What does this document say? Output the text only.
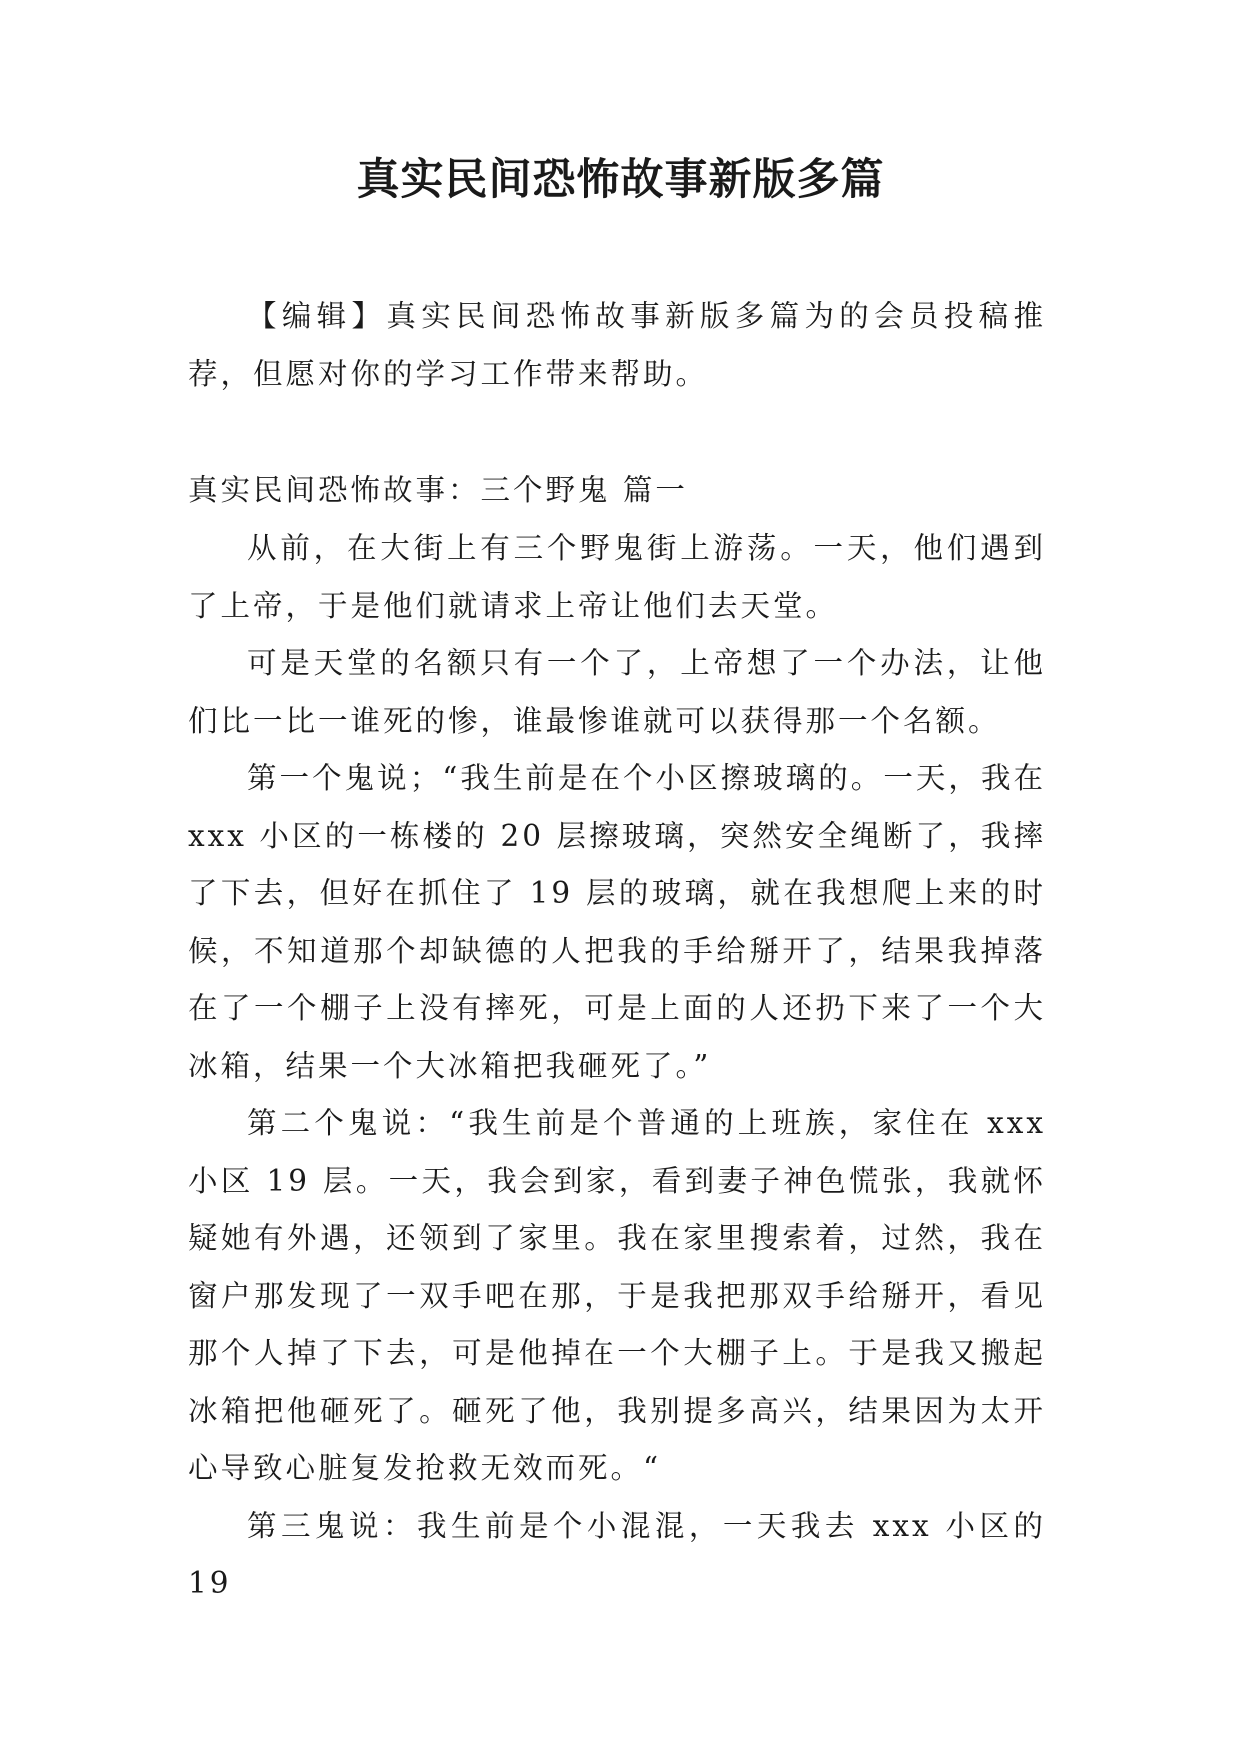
真实民间恐怖故事新版多篇

【编辑】真实民间恐怖故事新版多篇为的会员投稿推荐，但愿对你的学习工作带来帮助。

真实民间恐怖故事：三个野鬼 篇一

从前，在大街上有三个野鬼街上游荡。一天，他们遇到了上帝，于是他们就请求上帝让他们去天堂。

可是天堂的名额只有一个了，上帝想了一个办法，让他们比一比一谁死的惨，谁最惨谁就可以获得那一个名额。

第一个鬼说；“我生前是在个小区擦玻璃的。一天，我在 xxx 小区的一栋楼的 20 层擦玻璃，突然安全绳断了，我摔了下去，但好在抓住了 19 层的玻璃，就在我想爬上来的时候，不知道那个却缺德的人把我的手给掰开了，结果我掉落在了一个棚子上没有摔死，可是上面的人还扔下来了一个大冰箱，结果一个大冰箱把我砸死了。”

第二个鬼说：“我生前是个普通的上班族，家住在 xxx 小区 19 层。一天，我会到家，看到妻子神色慌张，我就怀疑她有外遇，还领到了家里。我在家里搜索着，过然，我在窗户那发现了一双手吧在那，于是我把那双手给掰开，看见那个人掉了下去，可是他掉在一个大棚子上。于是我又搬起冰箱把他砸死了。砸死了他，我别提多高兴，结果因为太开心导致心脏复发抢救无效而死。“

第三鬼说：我生前是个小混混，一天我去 xxx 小区的 19
